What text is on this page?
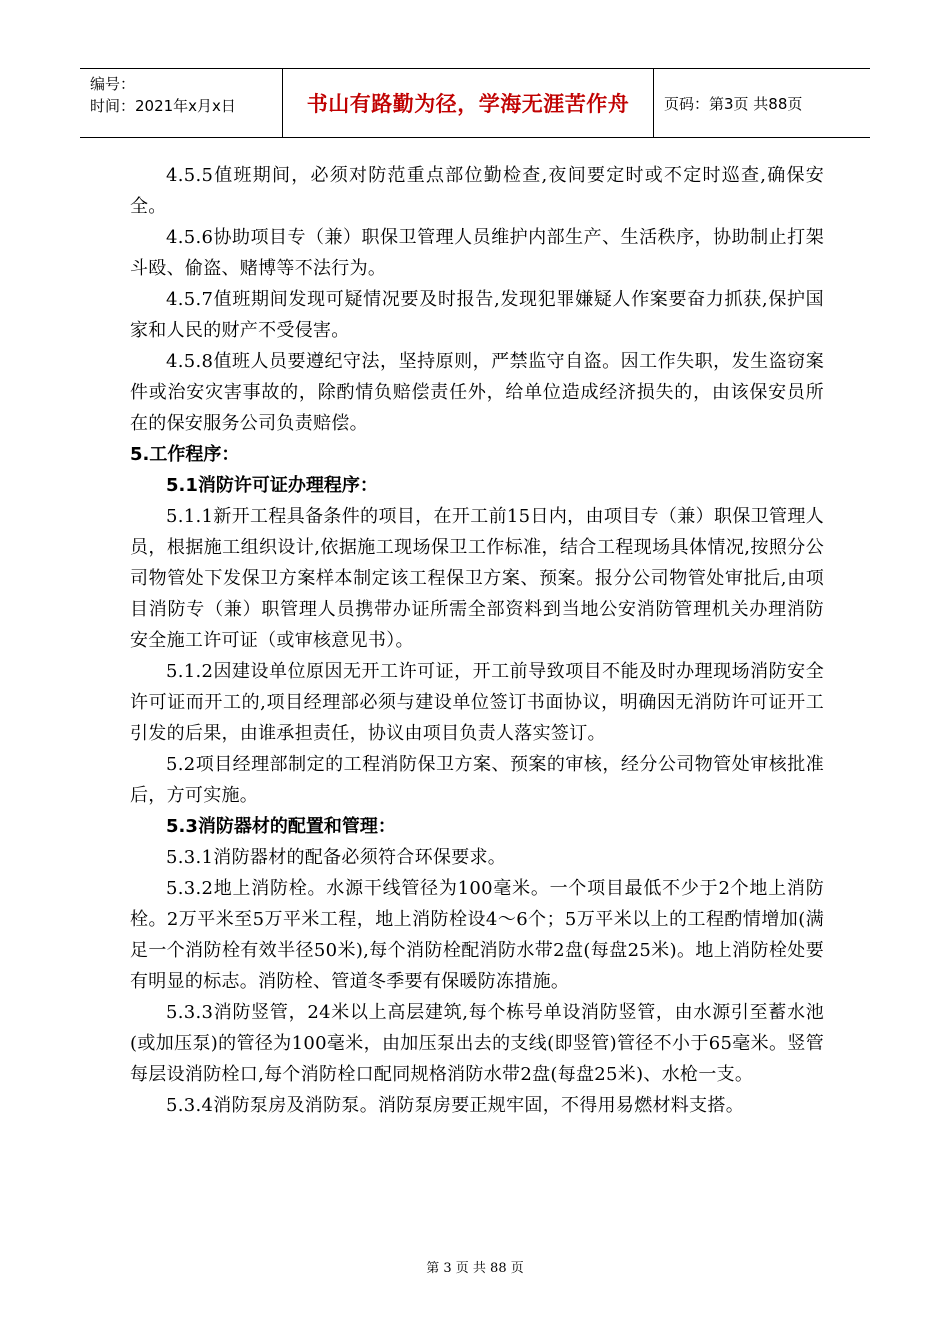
编号：
时间：2021年x月x日	书山有路勤为径，学海无涯苦作舟	页码：第3页 共88页

4.5.5值班期间，必须对防范重点部位勤检查,夜间要定时或不定时巡查,确保安全。

4.5.6协助项目专（兼）职保卫管理人员维护内部生产、生活秩序，协助制止打架斗殴、偷盗、赌博等不法行为。

4.5.7值班期间发现可疑情况要及时报告,发现犯罪嫌疑人作案要奋力抓获,保护国家和人民的财产不受侵害。

4.5.8值班人员要遵纪守法，坚持原则，严禁监守自盗。因工作失职，发生盗窃案件或治安灾害事故的，除酌情负赔偿责任外，给单位造成经济损失的，由该保安员所在的保安服务公司负责赔偿。

5.工作程序：

5.1消防许可证办理程序：

5.1.1新开工程具备条件的项目，在开工前15日内，由项目专（兼）职保卫管理人员，根据施工组织设计,依据施工现场保卫工作标准，结合工程现场具体情况,按照分公司物管处下发保卫方案样本制定该工程保卫方案、预案。报分公司物管处审批后,由项目消防专（兼）职管理人员携带办证所需全部资料到当地公安消防管理机关办理消防安全施工许可证（或审核意见书）。

5.1.2因建设单位原因无开工许可证，开工前导致项目不能及时办理现场消防安全许可证而开工的,项目经理部必须与建设单位签订书面协议，明确因无消防许可证开工引发的后果，由谁承担责任，协议由项目负责人落实签订。

5.2项目经理部制定的工程消防保卫方案、预案的审核，经分公司物管处审核批准后，方可实施。

5.3消防器材的配置和管理：

5.3.1消防器材的配备必须符合环保要求。

5.3.2地上消防栓。水源干线管径为100毫米。一个项目最低不少于2个地上消防栓。2万平米至5万平米工程，地上消防栓设4～6个；5万平米以上的工程酌情增加(满足一个消防栓有效半径50米),每个消防栓配消防水带2盘(每盘25米)。地上消防栓处要有明显的标志。消防栓、管道冬季要有保暖防冻措施。

5.3.3消防竖管，24米以上高层建筑,每个栋号单设消防竖管，由水源引至蓄水池(或加压泵)的管径为100毫米，由加压泵出去的支线(即竖管)管径不小于65毫米。竖管每层设消防栓口,每个消防栓口配同规格消防水带2盘(每盘25米)、水枪一支。

5.3.4消防泵房及消防泵。消防泵房要正规牢固，不得用易燃材料支搭。

第 3 页 共 88 页
